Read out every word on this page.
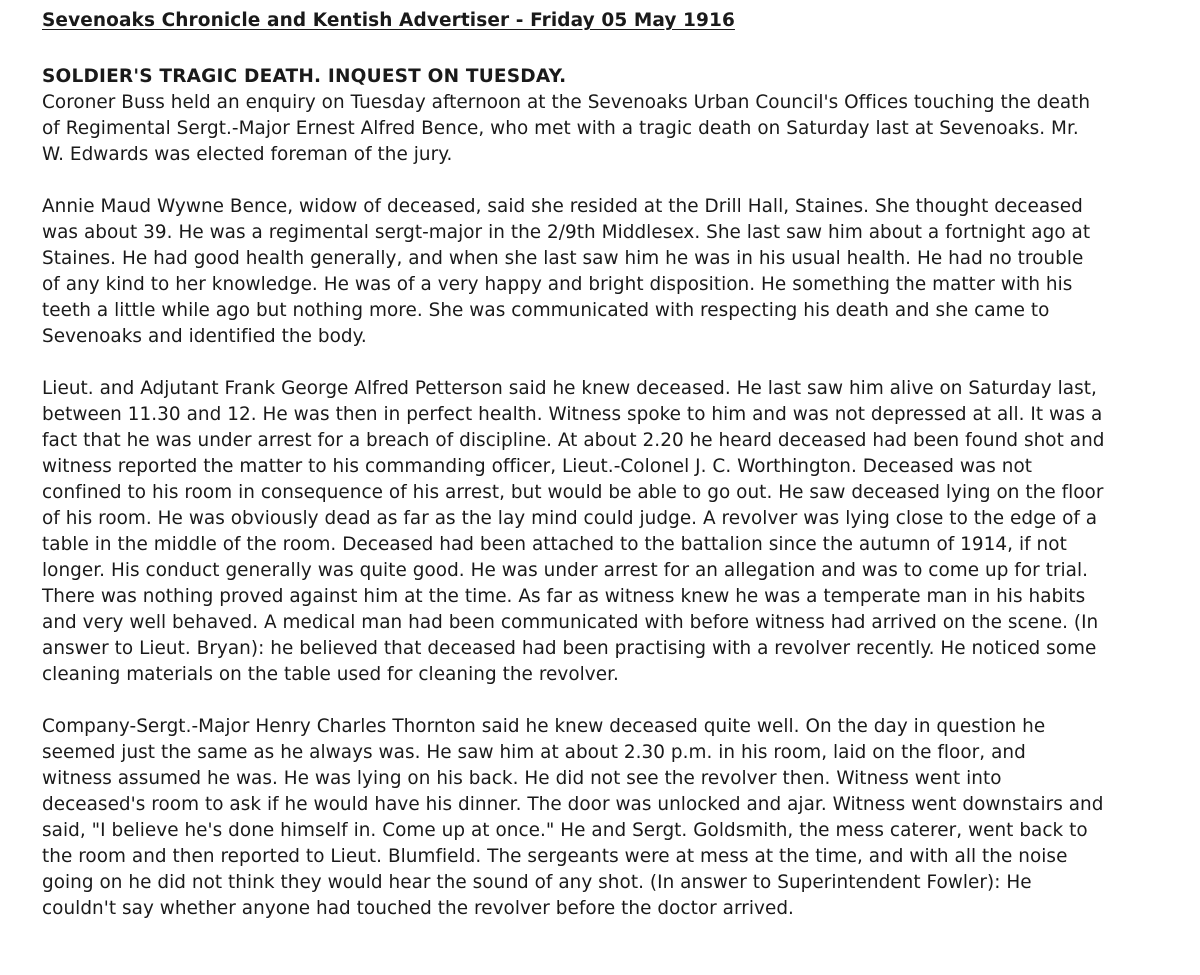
Sevenoaks Chronicle and Kentish Advertiser - Friday 05 May 1916
SOLDIER'S TRAGIC DEATH. INQUEST ON TUESDAY.
Coroner Buss held an enquiry on Tuesday afternoon at the Sevenoaks Urban Council's Offices touching the death
of Regimental Sergt.-Major Ernest Alfred Bence, who met with a tragic death on Saturday last at Sevenoaks. Mr.
W. Edwards was elected foreman of the jury.
Annie Maud Wywne Bence, widow of deceased, said she resided at the Drill Hall, Staines. She thought deceased
was about 39. He was a regimental sergt-major in the 2/9th Middlesex. She last saw him about a fortnight ago at
Staines. He had good health generally, and when she last saw him he was in his usual health. He had no trouble
of any kind to her knowledge. He was of a very happy and bright disposition. He something the matter with his
teeth a little while ago but nothing more. She was communicated with respecting his death and she came to
Sevenoaks and identified the body.
Lieut. and Adjutant Frank George Alfred Petterson said he knew deceased. He last saw him alive on Saturday last,
between 11.30 and 12. He was then in perfect health. Witness spoke to him and was not depressed at all. It was a
fact that he was under arrest for a breach of discipline. At about 2.20 he heard deceased had been found shot and
witness reported the matter to his commanding officer, Lieut.-Colonel J. C. Worthington. Deceased was not
confined to his room in consequence of his arrest, but would be able to go out. He saw deceased lying on the floor
of his room. He was obviously dead as far as the lay mind could judge. A revolver was lying close to the edge of a
table in the middle of the room. Deceased had been attached to the battalion since the autumn of 1914, if not
longer. His conduct generally was quite good. He was under arrest for an allegation and was to come up for trial.
There was nothing proved against him at the time. As far as witness knew he was a temperate man in his habits
and very well behaved. A medical man had been communicated with before witness had arrived on the scene. (In
answer to Lieut. Bryan): he believed that deceased had been practising with a revolver recently. He noticed some
cleaning materials on the table used for cleaning the revolver.
Company-Sergt.-Major Henry Charles Thornton said he knew deceased quite well. On the day in question he
seemed just the same as he always was. He saw him at about 2.30 p.m. in his room, laid on the floor, and
witness assumed he was. He was lying on his back. He did not see the revolver then. Witness went into
deceased's room to ask if he would have his dinner. The door was unlocked and ajar. Witness went downstairs and
said, "I believe he's done himself in. Come up at once." He and Sergt. Goldsmith, the mess caterer, went back to
the room and then reported to Lieut. Blumfield. The sergeants were at mess at the time, and with all the noise
going on he did not think they would hear the sound of any shot. (In answer to Superintendent Fowler): He
couldn't say whether anyone had touched the revolver before the doctor arrived.
